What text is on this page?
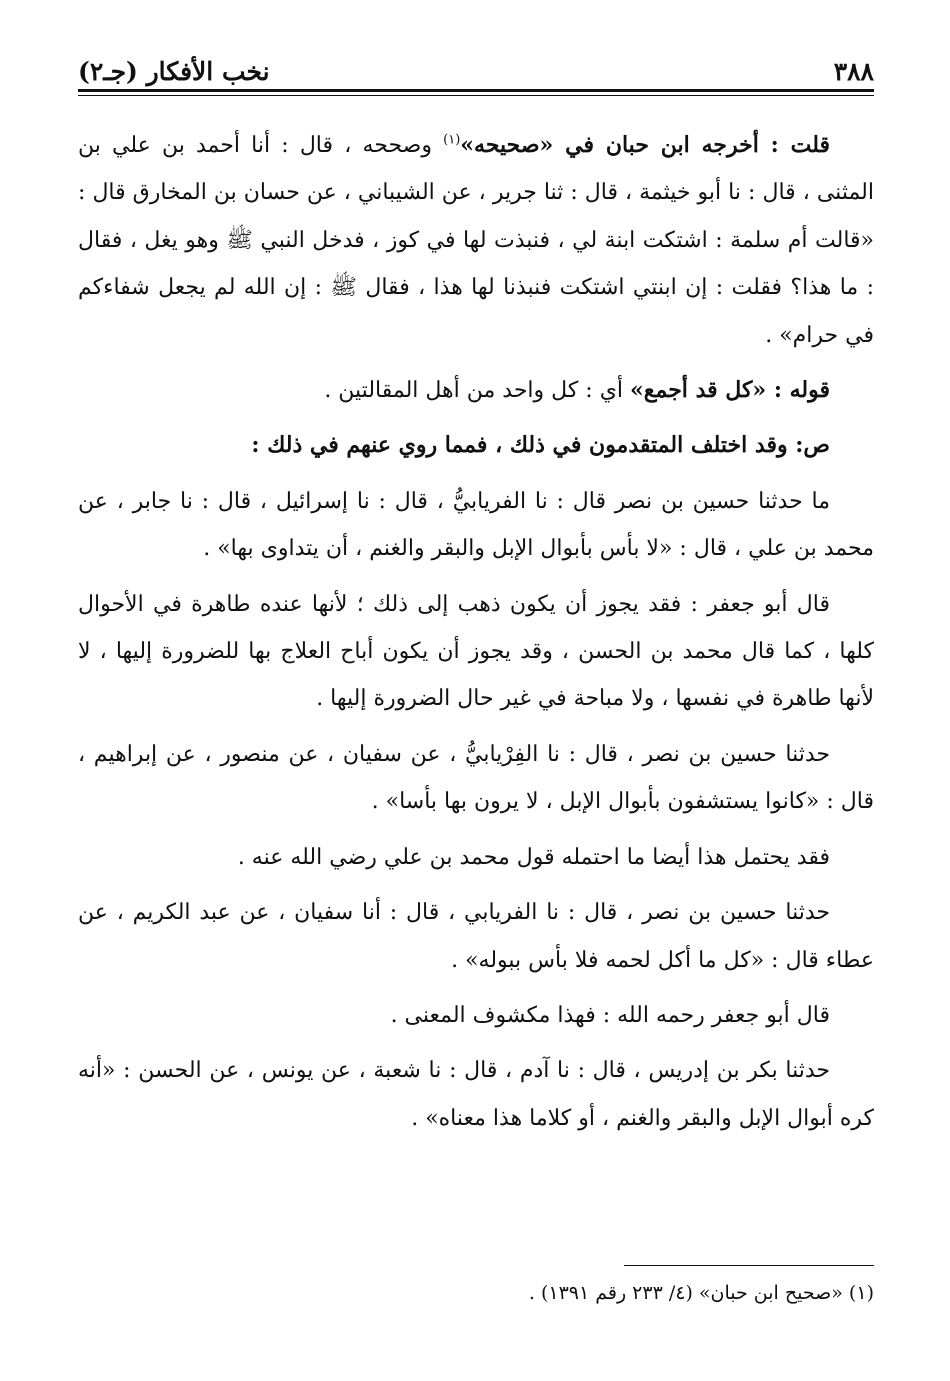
٣٨٨
نخب الأفكار (جـ٢)

قلت : أخرجه ابن حبان في «صحيحه»$^{(١)}$ وصححه ، قال : أنا أحمد بن علي بن المثنى ، قال : نا أبو خيثمة ، قال : ثنا جرير ، عن الشيباني ، عن حسان بن المخارق قال : «قالت أم سلمة : اشتكت ابنة لي ، فنبذت لها في كوز ، فدخل النبي ﷺ وهو يغل ، فقال : ما هذا؟ فقلت : إن ابنتي اشتكت فنبذنا لها هذا ، فقال ﷺ : إن الله لم يجعل شفاءكم في حرام» .

قوله : «كل قد أجمع» أي : كل واحد من أهل المقالتين .

ص: وقد اختلف المتقدمون في ذلك ، فمما روي عنهم في ذلك :

ما حدثنا حسين بن نصر قال : نا الفريابيُّ ، قال : نا إسرائيل ، قال : نا جابر ، عن محمد بن علي ، قال : «لا بأس بأبوال الإبل والبقر والغنم ، أن يتداوى بها» .

قال أبو جعفر : فقد يجوز أن يكون ذهب إلى ذلك ؛ لأنها عنده طاهرة في الأحوال كلها ، كما قال محمد بن الحسن ، وقد يجوز أن يكون أباح العلاج بها للضرورة إليها ، لا لأنها طاهرة في نفسها ، ولا مباحة في غير حال الضرورة إليها .

حدثنا حسين بن نصر ، قال : نا الفِرْيابيُّ ، عن سفيان ، عن منصور ، عن إبراهيم ، قال : «كانوا يستشفون بأبوال الإبل ، لا يرون بها بأسا» .

فقد يحتمل هذا أيضا ما احتمله قول محمد بن علي رضي الله عنه .

حدثنا حسين بن نصر ، قال : نا الفريابي ، قال : أنا سفيان ، عن عبد الكريم ، عن عطاء قال : «كل ما أكل لحمه فلا بأس ببوله» .

قال أبو جعفر رحمه الله : فهذا مكشوف المعنى .

حدثنا بكر بن إدريس ، قال : نا آدم ، قال : نا شعبة ، عن يونس ، عن الحسن : «أنه كره أبوال الإبل والبقر والغنم ، أو كلاما هذا معناه» .

(١) «صحيح ابن حبان» (٤/ ٢٣٣ رقم ١٣٩١) .
